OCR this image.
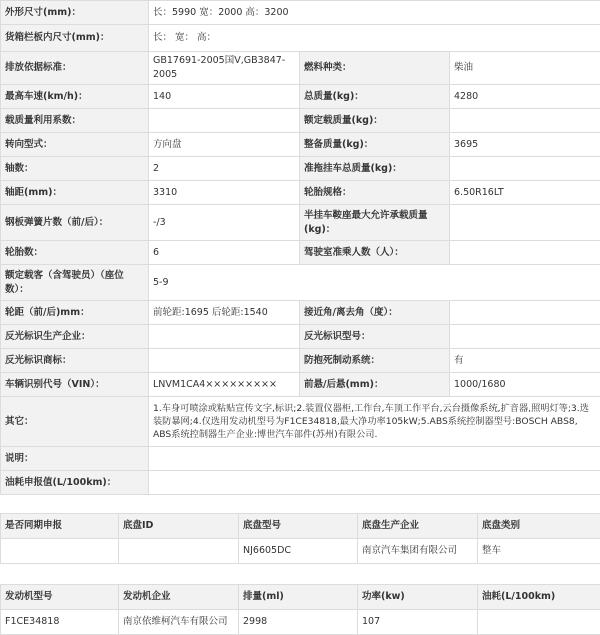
外形尺寸(mm)：	长：5990 宽：2000 高：3200		
货箱栏板内尺寸(mm)：	长： 宽： 高：		
排放依据标准：	GB17691-2005国Ⅴ,GB3847-2005	燃料种类：	柴油
最高车速(km/h)：	140	总质量(kg)：	4280
载质量利用系数：		额定载质量(kg)：	
转向型式：	方向盘	整备质量(kg)：	3695
轴数：	2	准拖挂车总质量(kg)：	
轴距(mm)：	3310	轮胎规格：	6.50R16LT
钢板弹簧片数（前/后）：	-/3	半挂车鞍座最大允许承载质量(kg)：	
轮胎数：	6	驾驶室准乘人数（人）：	
额定载客（含驾驶员）（座位数）：	5-9		
轮距（前/后)mm：	前轮距:1695 后轮距:1540	接近角/离去角（度）：	
反光标识生产企业：		反光标识型号：	
反光标识商标：		防抱死制动系统：	有
车辆识别代号（VIN）：	LNVM1CA4×××××××××	前悬/后悬(mm)：	1000/1680
其它：	1.车身可喷涂或粘贴宣传文字,标识;2.装置仪器柜,工作台,车顶工作平台,云台摄像系统,扩音器,照明灯等;3.选装防暴网;4.仅选用发动机型号为F1CE34818,最大净功率105kW;5.ABS系统控制器型号:BOSCH ABS8, ABS系统控制器生产企业:博世汽车部件(苏州)有限公司.		
说明：			
油耗申报值(L/100km)：			
是否同期申报	底盘ID	底盘型号	底盘生产企业	底盘类别
		NJ6605DC	南京汽车集团有限公司	整车
发动机型号	发动机企业	排量(ml)	功率(kw)	油耗(L/100km)
F1CE34818	南京依维柯汽车有限公司	2998	107	
